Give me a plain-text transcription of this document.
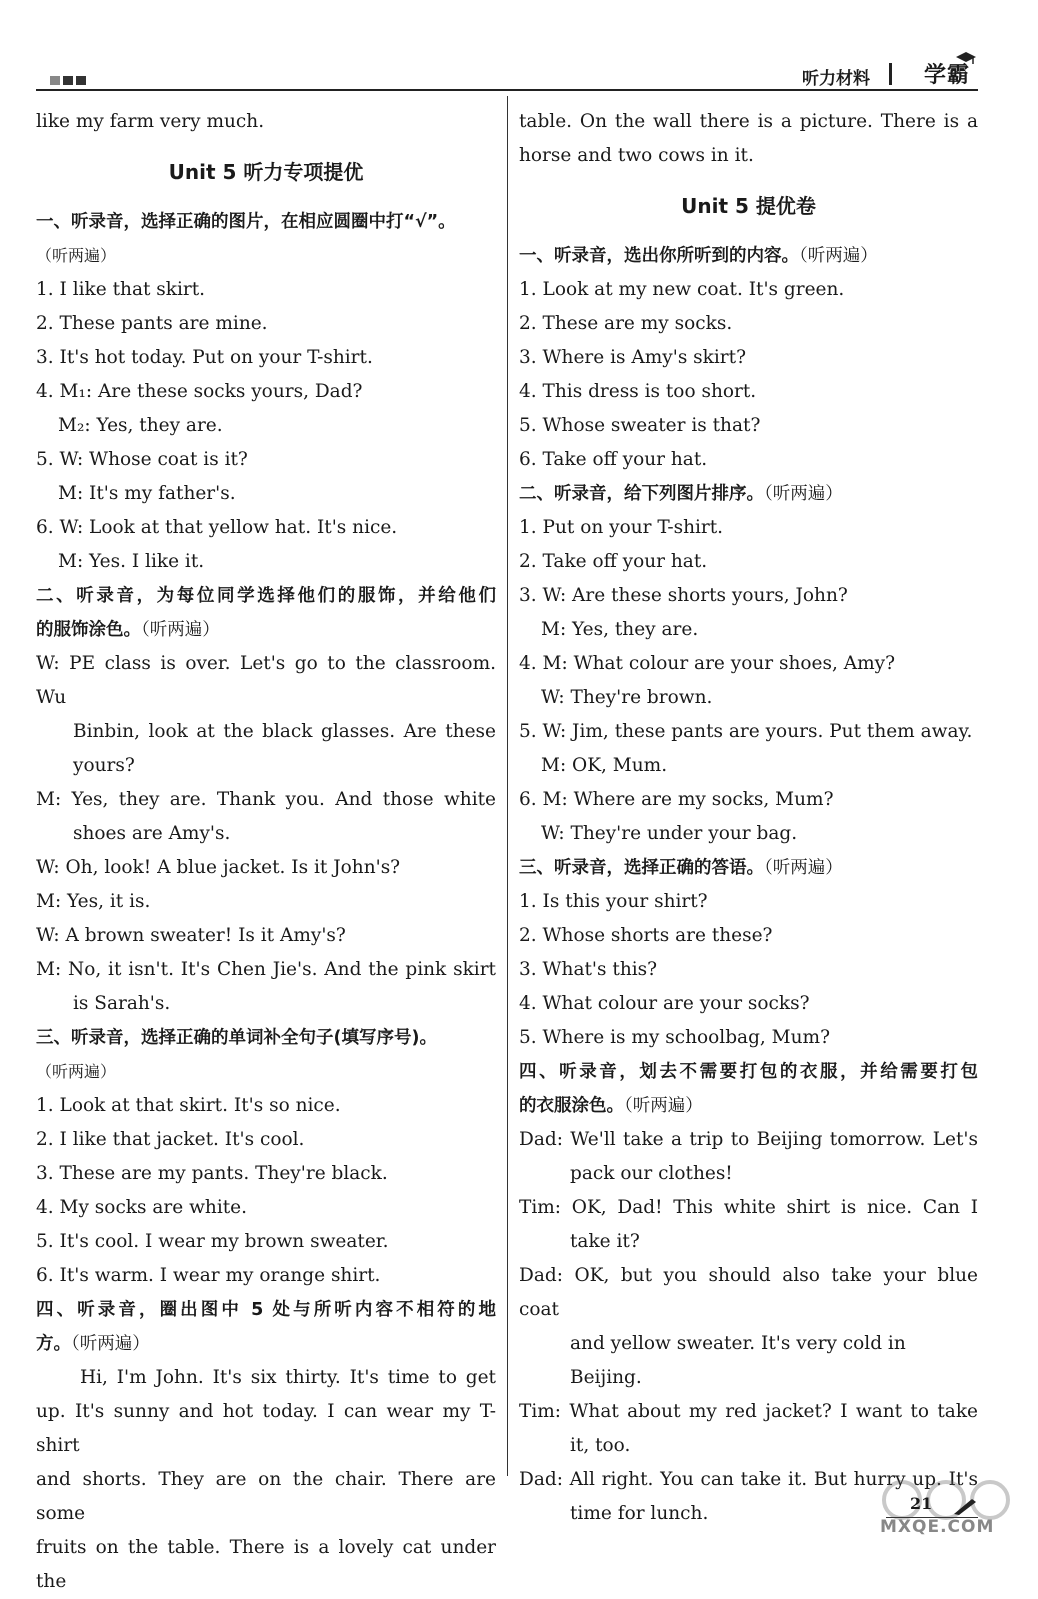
听力材料 学霸

like my farm very much.

Unit 5 听力专项提优

一、听录音，选择正确的图片，在相应圆圈中打“√”。

（听两遍）

1. I like that skirt.

2. These pants are mine.

3. It's hot today. Put on your T-shirt.

4. M₁: Are these socks yours, Dad?

M₂: Yes, they are.

5. W: Whose coat is it?

M: It's my father's.

6. W: Look at that yellow hat. It's nice.

M: Yes. I like it.

二、听录音，为每位同学选择他们的服饰，并给他们

的服饰涂色。（听两遍）

W: PE class is over. Let's go to the classroom. Wu

Binbin, look at the black glasses. Are these

yours?

M: Yes, they are. Thank you. And those white

shoes are Amy's.

W: Oh, look! A blue jacket. Is it John's?

M: Yes, it is.

W: A brown sweater! Is it Amy's?

M: No, it isn't. It's Chen Jie's. And the pink skirt

is Sarah's.

三、听录音，选择正确的单词补全句子(填写序号)。

（听两遍）

1. Look at that skirt. It's so nice.

2. I like that jacket. It's cool.

3. These are my pants. They're black.

4. My socks are white.

5. It's cool. I wear my brown sweater.

6. It's warm. I wear my orange shirt.

四、听录音，圈出图中 5 处与所听内容不相符的地

方。（听两遍）

Hi, I'm John. It's six thirty. It's time to get

up. It's sunny and hot today. I can wear my T-shirt

and shorts. They are on the chair. There are some

fruits on the table. There is a lovely cat under the

table. On the wall there is a picture. There is a

horse and two cows in it.

Unit 5 提优卷

一、听录音，选出你所听到的内容。（听两遍）

1. Look at my new coat. It's green.

2. These are my socks.

3. Where is Amy's skirt?

4. This dress is too short.

5. Whose sweater is that?

6. Take off your hat.

二、听录音，给下列图片排序。（听两遍）

1. Put on your T-shirt.

2. Take off your hat.

3. W: Are these shorts yours, John?

M: Yes, they are.

4. M: What colour are your shoes, Amy?

W: They're brown.

5. W: Jim, these pants are yours. Put them away.

M: OK, Mum.

6. M: Where are my socks, Mum?

W: They're under your bag.

三、听录音，选择正确的答语。（听两遍）

1. Is this your shirt?

2. Whose shorts are these?

3. What's this?

4. What colour are your socks?

5. Where is my schoolbag, Mum?

四、听录音，划去不需要打包的衣服，并给需要打包

的衣服涂色。（听两遍）

Dad: We'll take a trip to Beijing tomorrow. Let's

pack our clothes!

Tim: OK, Dad! This white shirt is nice. Can I

take it?

Dad: OK, but you should also take your blue coat

and yellow sweater. It's very cold in Beijing.

Tim: What about my red jacket? I want to take

it, too.

Dad: All right. You can take it. But hurry up. It's

time for lunch.

MXQE.COM
21
